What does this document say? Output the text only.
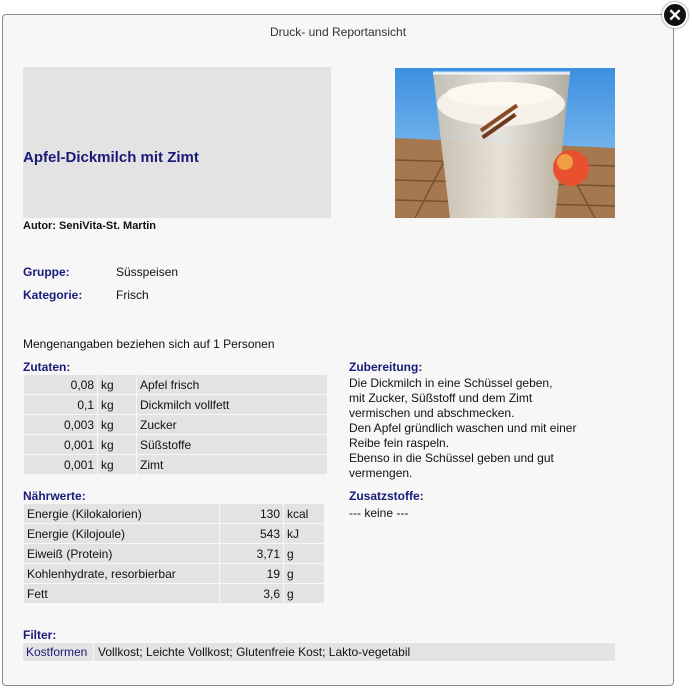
Druck- und Reportansicht
Apfel-Dickmilch mit Zimt
Autor: SeniVita-St. Martin
Gruppe:	Süsspeisen
Kategorie:	Frisch
Mengenangaben beziehen sich auf 1 Personen
Zutaten:
0,08	kg	Apfel frisch
0,1	kg	Dickmilch vollfett
0,003	kg	Zucker
0,001	kg	Süßstoffe
0,001	kg	Zimt
Nährwerte:
Energie (Kilokalorien)	130	kcal
Energie (Kilojoule)	543	kJ
Eiweiß (Protein)	3,71	g
Kohlenhydrate, resorbierbar	19	g
Fett	3,6	g
Zubereitung:
Die Dickmilch in eine Schüssel geben,
mit Zucker, Süßstoff und dem Zimt
vermischen und abschmecken.
Den Apfel gründlich waschen und mit einer
Reibe fein raspeln.
Ebenso in die Schüssel geben und gut
vermengen.
Zusatzstoffe:
--- keine ---
Filter:
Kostformen Vollkost; Leichte Vollkost; Glutenfreie Kost; Lakto-vegetabil
✕
